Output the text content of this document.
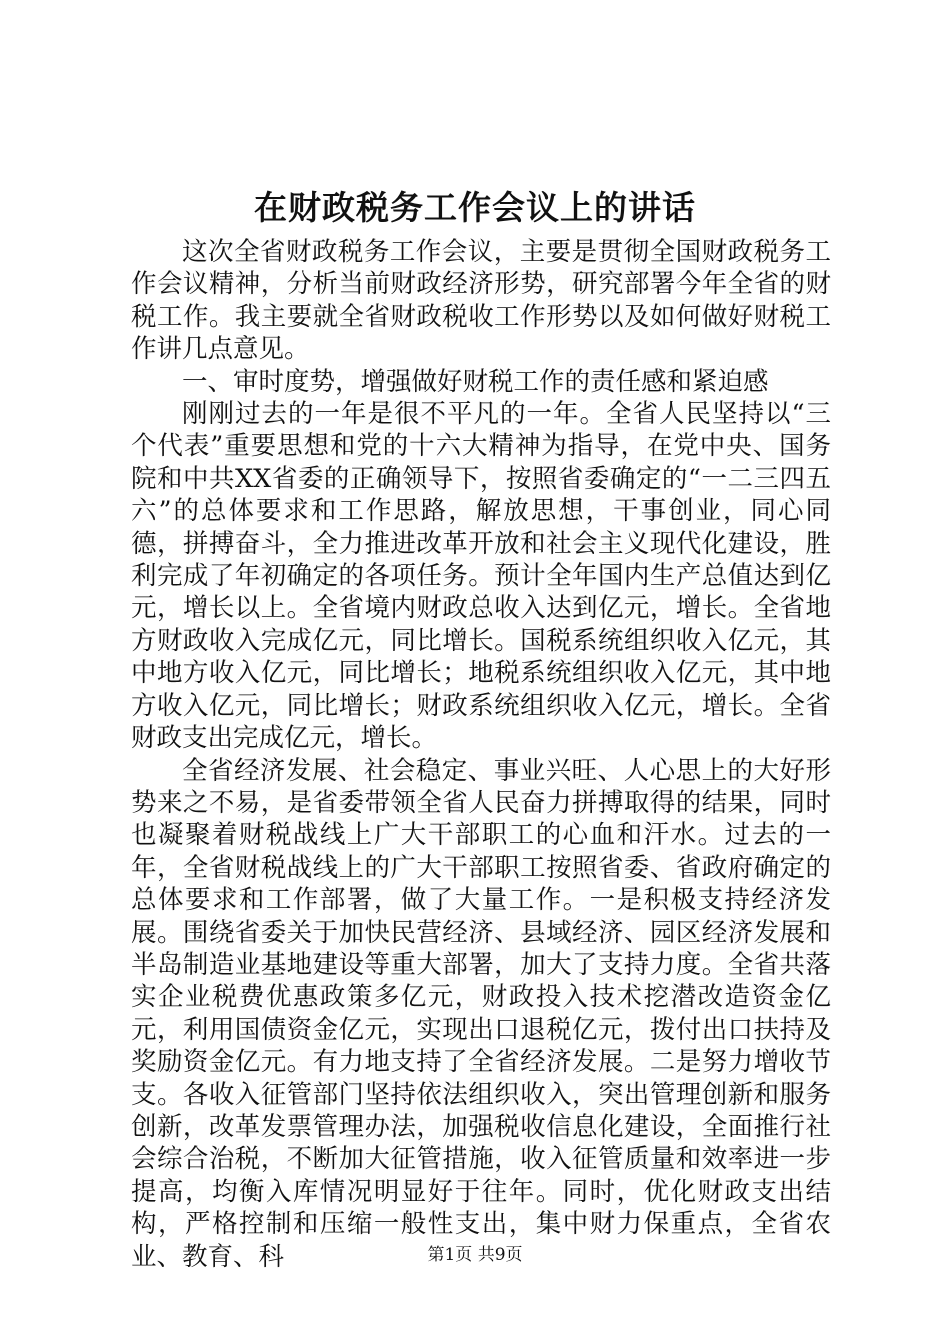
在财政税务工作会议上的讲话

这次全省财政税务工作会议，主要是贯彻全国财政税务工作会议精神，分析当前财政经济形势，研究部署今年全省的财税工作。我主要就全省财政税收工作形势以及如何做好财税工作讲几点意见。

一、审时度势，增强做好财税工作的责任感和紧迫感

刚刚过去的一年是很不平凡的一年。全省人民坚持以“三个代表”重要思想和党的十六大精神为指导，在党中央、国务院和中共XX省委的正确领导下，按照省委确定的“一二三四五六”的总体要求和工作思路，解放思想，干事创业，同心同德，拼搏奋斗，全力推进改革开放和社会主义现代化建设，胜利完成了年初确定的各项任务。预计全年国内生产总值达到亿元，增长以上。全省境内财政总收入达到亿元，增长。全省地方财政收入完成亿元，同比增长。国税系统组织收入亿元，其中地方收入亿元，同比增长；地税系统组织收入亿元，其中地方收入亿元，同比增长；财政系统组织收入亿元，增长。全省财政支出完成亿元，增长。

全省经济发展、社会稳定、事业兴旺、人心思上的大好形势来之不易，是省委带领全省人民奋力拼搏取得的结果，同时也凝聚着财税战线上广大干部职工的心血和汗水。过去的一年，全省财税战线上的广大干部职工按照省委、省政府确定的总体要求和工作部署，做了大量工作。一是积极支持经济发展。围绕省委关于加快民营经济、县域经济、园区经济发展和半岛制造业基地建设等重大部署，加大了支持力度。全省共落实企业税费优惠政策多亿元，财政投入技术挖潜改造资金亿元，利用国债资金亿元，实现出口退税亿元，拨付出口扶持及奖励资金亿元。有力地支持了全省经济发展。二是努力增收节支。各收入征管部门坚持依法组织收入，突出管理创新和服务创新，改革发票管理办法，加强税收信息化建设，全面推行社会综合治税，不断加大征管措施，收入征管质量和效率进一步提高，均衡入库情况明显好于往年。同时，优化财政支出结构，严格控制和压缩一般性支出，集中财力保重点，全省农业、教育、科	第1页 共9页
